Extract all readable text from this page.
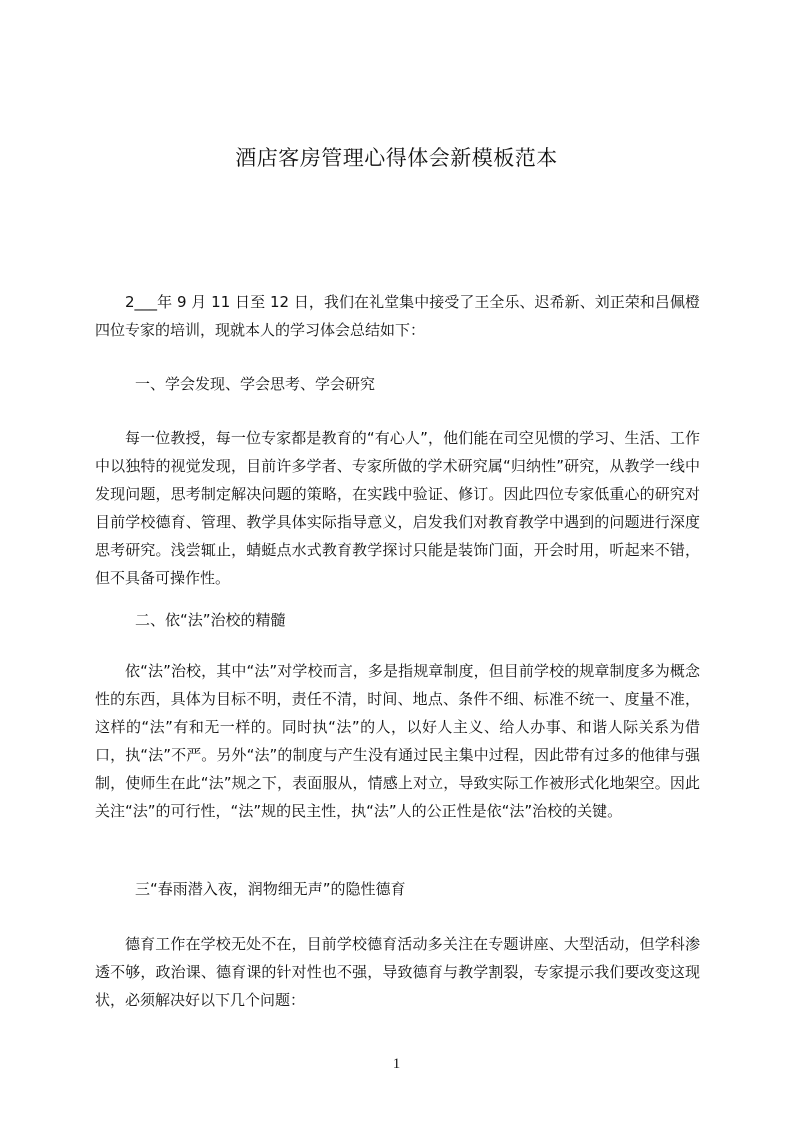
酒店客房管理心得体会新模板范本

2___年 9 月 11 日至 12 日，我们在礼堂集中接受了王全乐、迟希新、刘正荣和吕佩橙四位专家的培训，现就本人的学习体会总结如下：

一、学会发现、学会思考、学会研究

每一位教授，每一位专家都是教育的“有心人”，他们能在司空见惯的学习、生活、工作中以独特的视觉发现，目前许多学者、专家所做的学术研究属“归纳性”研究，从教学一线中发现问题，思考制定解决问题的策略，在实践中验证、修订。因此四位专家低重心的研究对目前学校德育、管理、教学具体实际指导意义，启发我们对教育教学中遇到的问题进行深度思考研究。浅尝辄止，蜻蜓点水式教育教学探讨只能是装饰门面，开会时用，听起来不错，但不具备可操作性。

二、依“法”治校的精髓

依“法”治校，其中“法”对学校而言，多是指规章制度，但目前学校的规章制度多为概念性的东西，具体为目标不明，责任不清，时间、地点、条件不细、标准不统一、度量不准，这样的“法”有和无一样的。同时执“法”的人，以好人主义、给人办事、和谐人际关系为借口，执“法”不严。另外“法”的制度与产生没有通过民主集中过程，因此带有过多的他律与强制，使师生在此“法”规之下，表面服从，情感上对立，导致实际工作被形式化地架空。因此关注“法”的可行性，“法”规的民主性，执“法”人的公正性是依“法”治校的关键。

三“春雨潜入夜，润物细无声”的隐性德育

德育工作在学校无处不在，目前学校德育活动多关注在专题讲座、大型活动，但学科渗透不够，政治课、德育课的针对性也不强，导致德育与教学割裂，专家提示我们要改变这现状，必须解决好以下几个问题：

1
